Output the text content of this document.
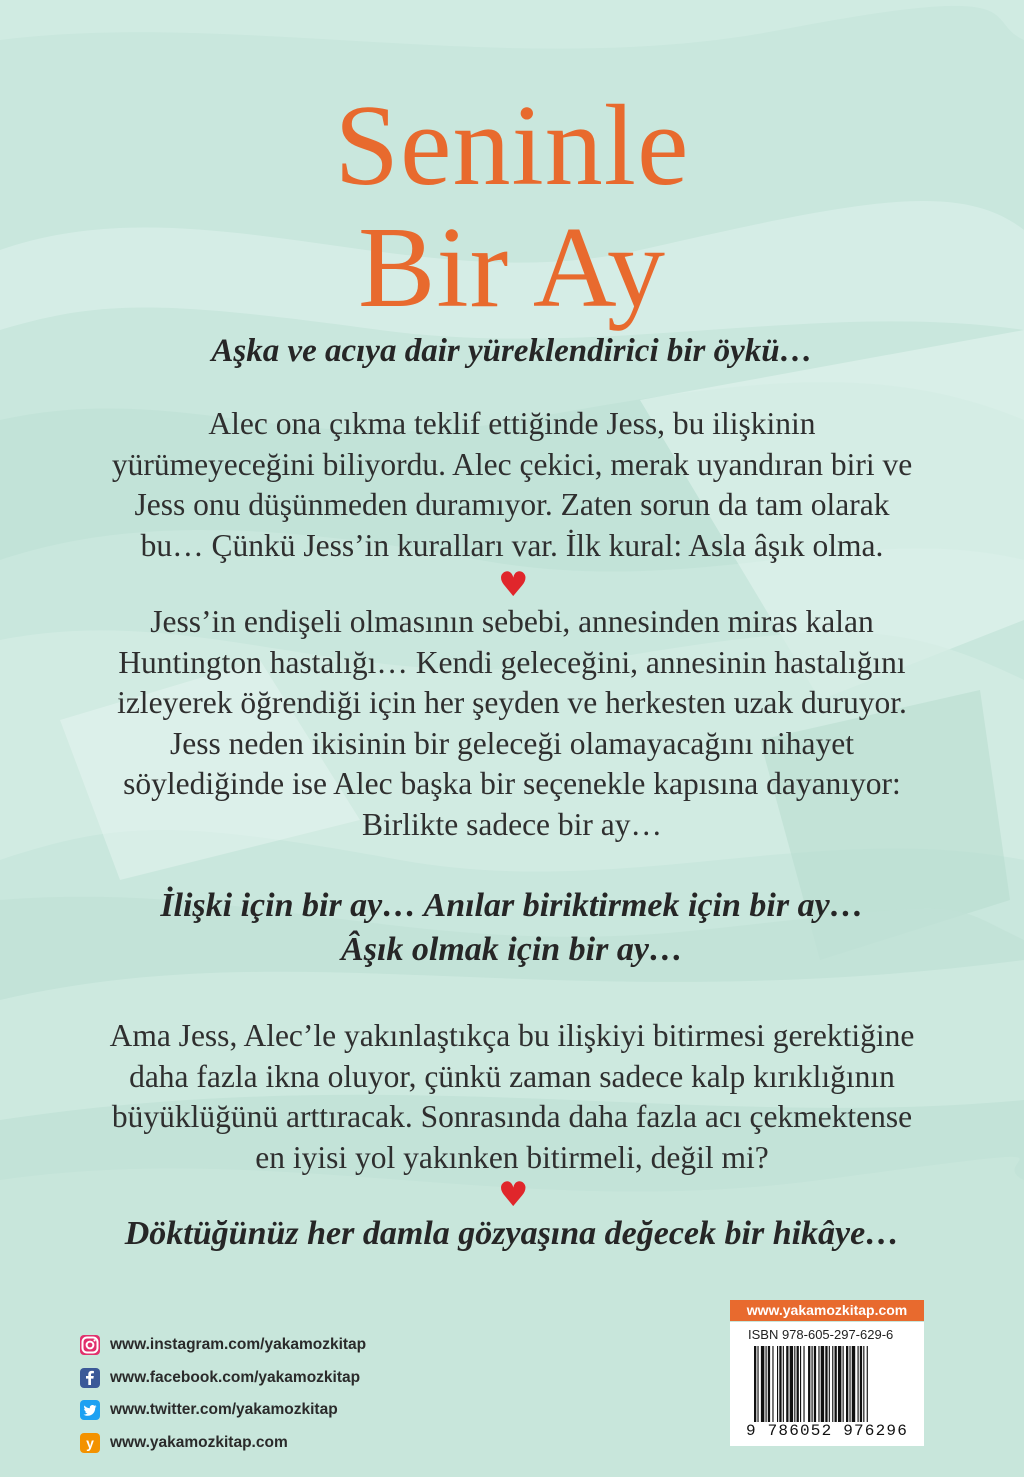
Seninle
Bir Ay
Aşka ve acıya dair yüreklendirici bir öykü…
Alec ona çıkma teklif ettiğinde Jess, bu ilişkinin
yürümeyeceğini biliyordu. Alec çekici, merak uyandıran biri ve
Jess onu düşünmeden duramıyor. Zaten sorun da tam olarak
bu… Çünkü Jess’in kuralları var. İlk kural: Asla âşık olma.
♥
Jess’in endişeli olmasının sebebi, annesinden miras kalan
Huntington hastalığı… Kendi geleceğini, annesinin hastalığını
izleyerek öğrendiği için her şeyden ve herkesten uzak duruyor.
Jess neden ikisinin bir geleceği olamayacağını nihayet
söylediğinde ise Alec başka bir seçenekle kapısına dayanıyor:
Birlikte sadece bir ay…
İlişki için bir ay… Anılar biriktirmek için bir ay…
Âşık olmak için bir ay…
Ama Jess, Alec’le yakınlaştıkça bu ilişkiyi bitirmesi gerektiğine
daha fazla ikna oluyor, çünkü zaman sadece kalp kırıklığının
büyüklüğünü arttıracak. Sonrasında daha fazla acı çekmektense
en iyisi yol yakınken bitirmeli, değil mi?
♥
Döktüğünüz her damla gözyaşına değecek bir hikâye…
www.instagram.com/yakamozkitap
www.facebook.com/yakamozkitap
www.twitter.com/yakamozkitap
y	www.yakamozkitap.com
www.yakamozkitap.com
ISBN 978-605-297-629-6
9 786052 976296
